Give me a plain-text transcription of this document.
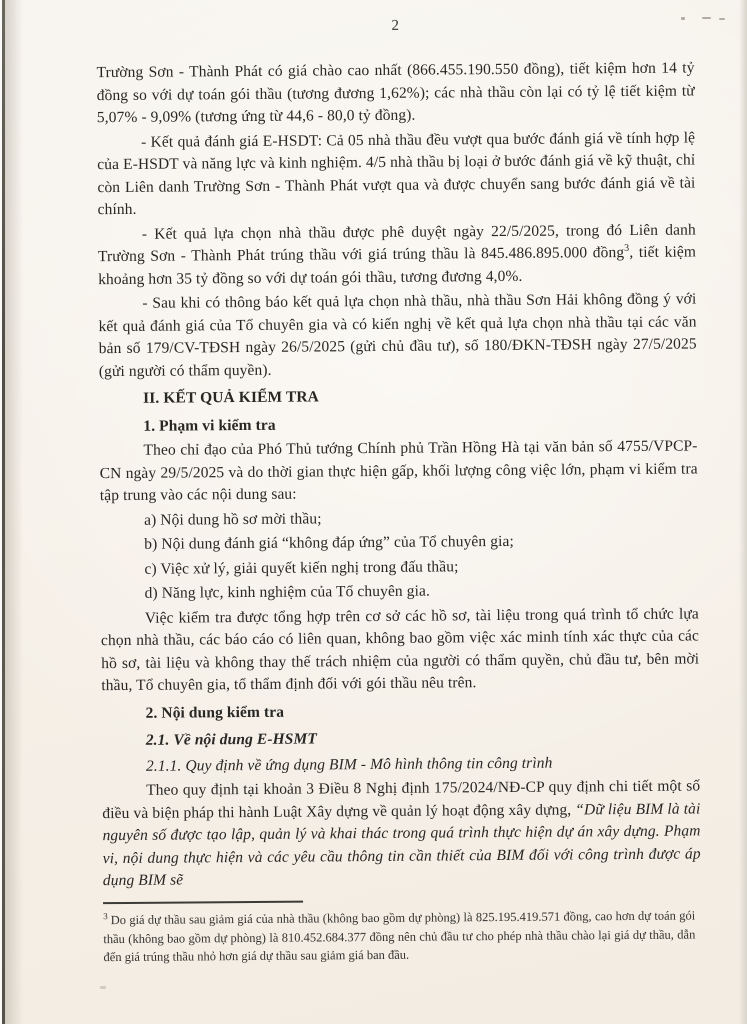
2

Trường Sơn - Thành Phát có giá chào cao nhất (866.455.190.550 đồng), tiết kiệm hơn 14 tỷ đồng so với dự toán gói thầu (tương đương 1,62%); các nhà thầu còn lại có tỷ lệ tiết kiệm từ 5,07% - 9,09% (tương ứng từ 44,6 - 80,0 tỷ đồng).

- Kết quả đánh giá E-HSDT: Cả 05 nhà thầu đều vượt qua bước đánh giá về tính hợp lệ của E-HSDT và năng lực và kinh nghiệm. 4/5 nhà thầu bị loại ở bước đánh giá về kỹ thuật, chỉ còn Liên danh Trường Sơn - Thành Phát vượt qua và được chuyển sang bước đánh giá về tài chính.

- Kết quả lựa chọn nhà thầu được phê duyệt ngày 22/5/2025, trong đó Liên danh Trường Sơn - Thành Phát trúng thầu với giá trúng thầu là 845.486.895.000 đồng$^3$, tiết kiệm khoảng hơn 35 tỷ đồng so với dự toán gói thầu, tương đương 4,0%.

- Sau khi có thông báo kết quả lựa chọn nhà thầu, nhà thầu Sơn Hải không đồng ý với kết quả đánh giá của Tổ chuyên gia và có kiến nghị về kết quả lựa chọn nhà thầu tại các văn bản số 179/CV-TĐSH ngày 26/5/2025 (gửi chủ đầu tư), số 180/ĐKN-TĐSH ngày 27/5/2025 (gửi người có thẩm quyền).

II. KẾT QUẢ KIỂM TRA

1. Phạm vi kiểm tra

Theo chỉ đạo của Phó Thủ tướng Chính phủ Trần Hồng Hà tại văn bản số 4755/VPCP-CN ngày 29/5/2025 và do thời gian thực hiện gấp, khối lượng công việc lớn, phạm vi kiểm tra tập trung vào các nội dung sau:

a) Nội dung hồ sơ mời thầu;

b) Nội dung đánh giá “không đáp ứng” của Tổ chuyên gia;

c) Việc xử lý, giải quyết kiến nghị trong đấu thầu;

d) Năng lực, kinh nghiệm của Tổ chuyên gia.

Việc kiểm tra được tổng hợp trên cơ sở các hồ sơ, tài liệu trong quá trình tổ chức lựa chọn nhà thầu, các báo cáo có liên quan, không bao gồm việc xác minh tính xác thực của các hồ sơ, tài liệu và không thay thế trách nhiệm của người có thẩm quyền, chủ đầu tư, bên mời thầu, Tổ chuyên gia, tổ thẩm định đối với gói thầu nêu trên.

2. Nội dung kiểm tra

2.1. Về nội dung E-HSMT

2.1.1. Quy định về ứng dụng BIM - Mô hình thông tin công trình

Theo quy định tại khoản 3 Điều 8 Nghị định 175/2024/NĐ-CP quy định chi tiết một số điều và biện pháp thi hành Luật Xây dựng về quản lý hoạt động xây dựng, “Dữ liệu BIM là tài nguyên số được tạo lập, quản lý và khai thác trong quá trình thực hiện dự án xây dựng. Phạm vi, nội dung thực hiện và các yêu cầu thông tin cần thiết của BIM đối với công trình được áp dụng BIM sẽ

$^3$ Do giá dự thầu sau giảm giá của nhà thầu (không bao gồm dự phòng) là 825.195.419.571 đồng, cao hơn dự toán gói thầu (không bao gồm dự phòng) là 810.452.684.377 đồng nên chủ đầu tư cho phép nhà thầu chào lại giá dự thầu, dẫn đến giá trúng thầu nhỏ hơn giá dự thầu sau giảm giá ban đầu.
